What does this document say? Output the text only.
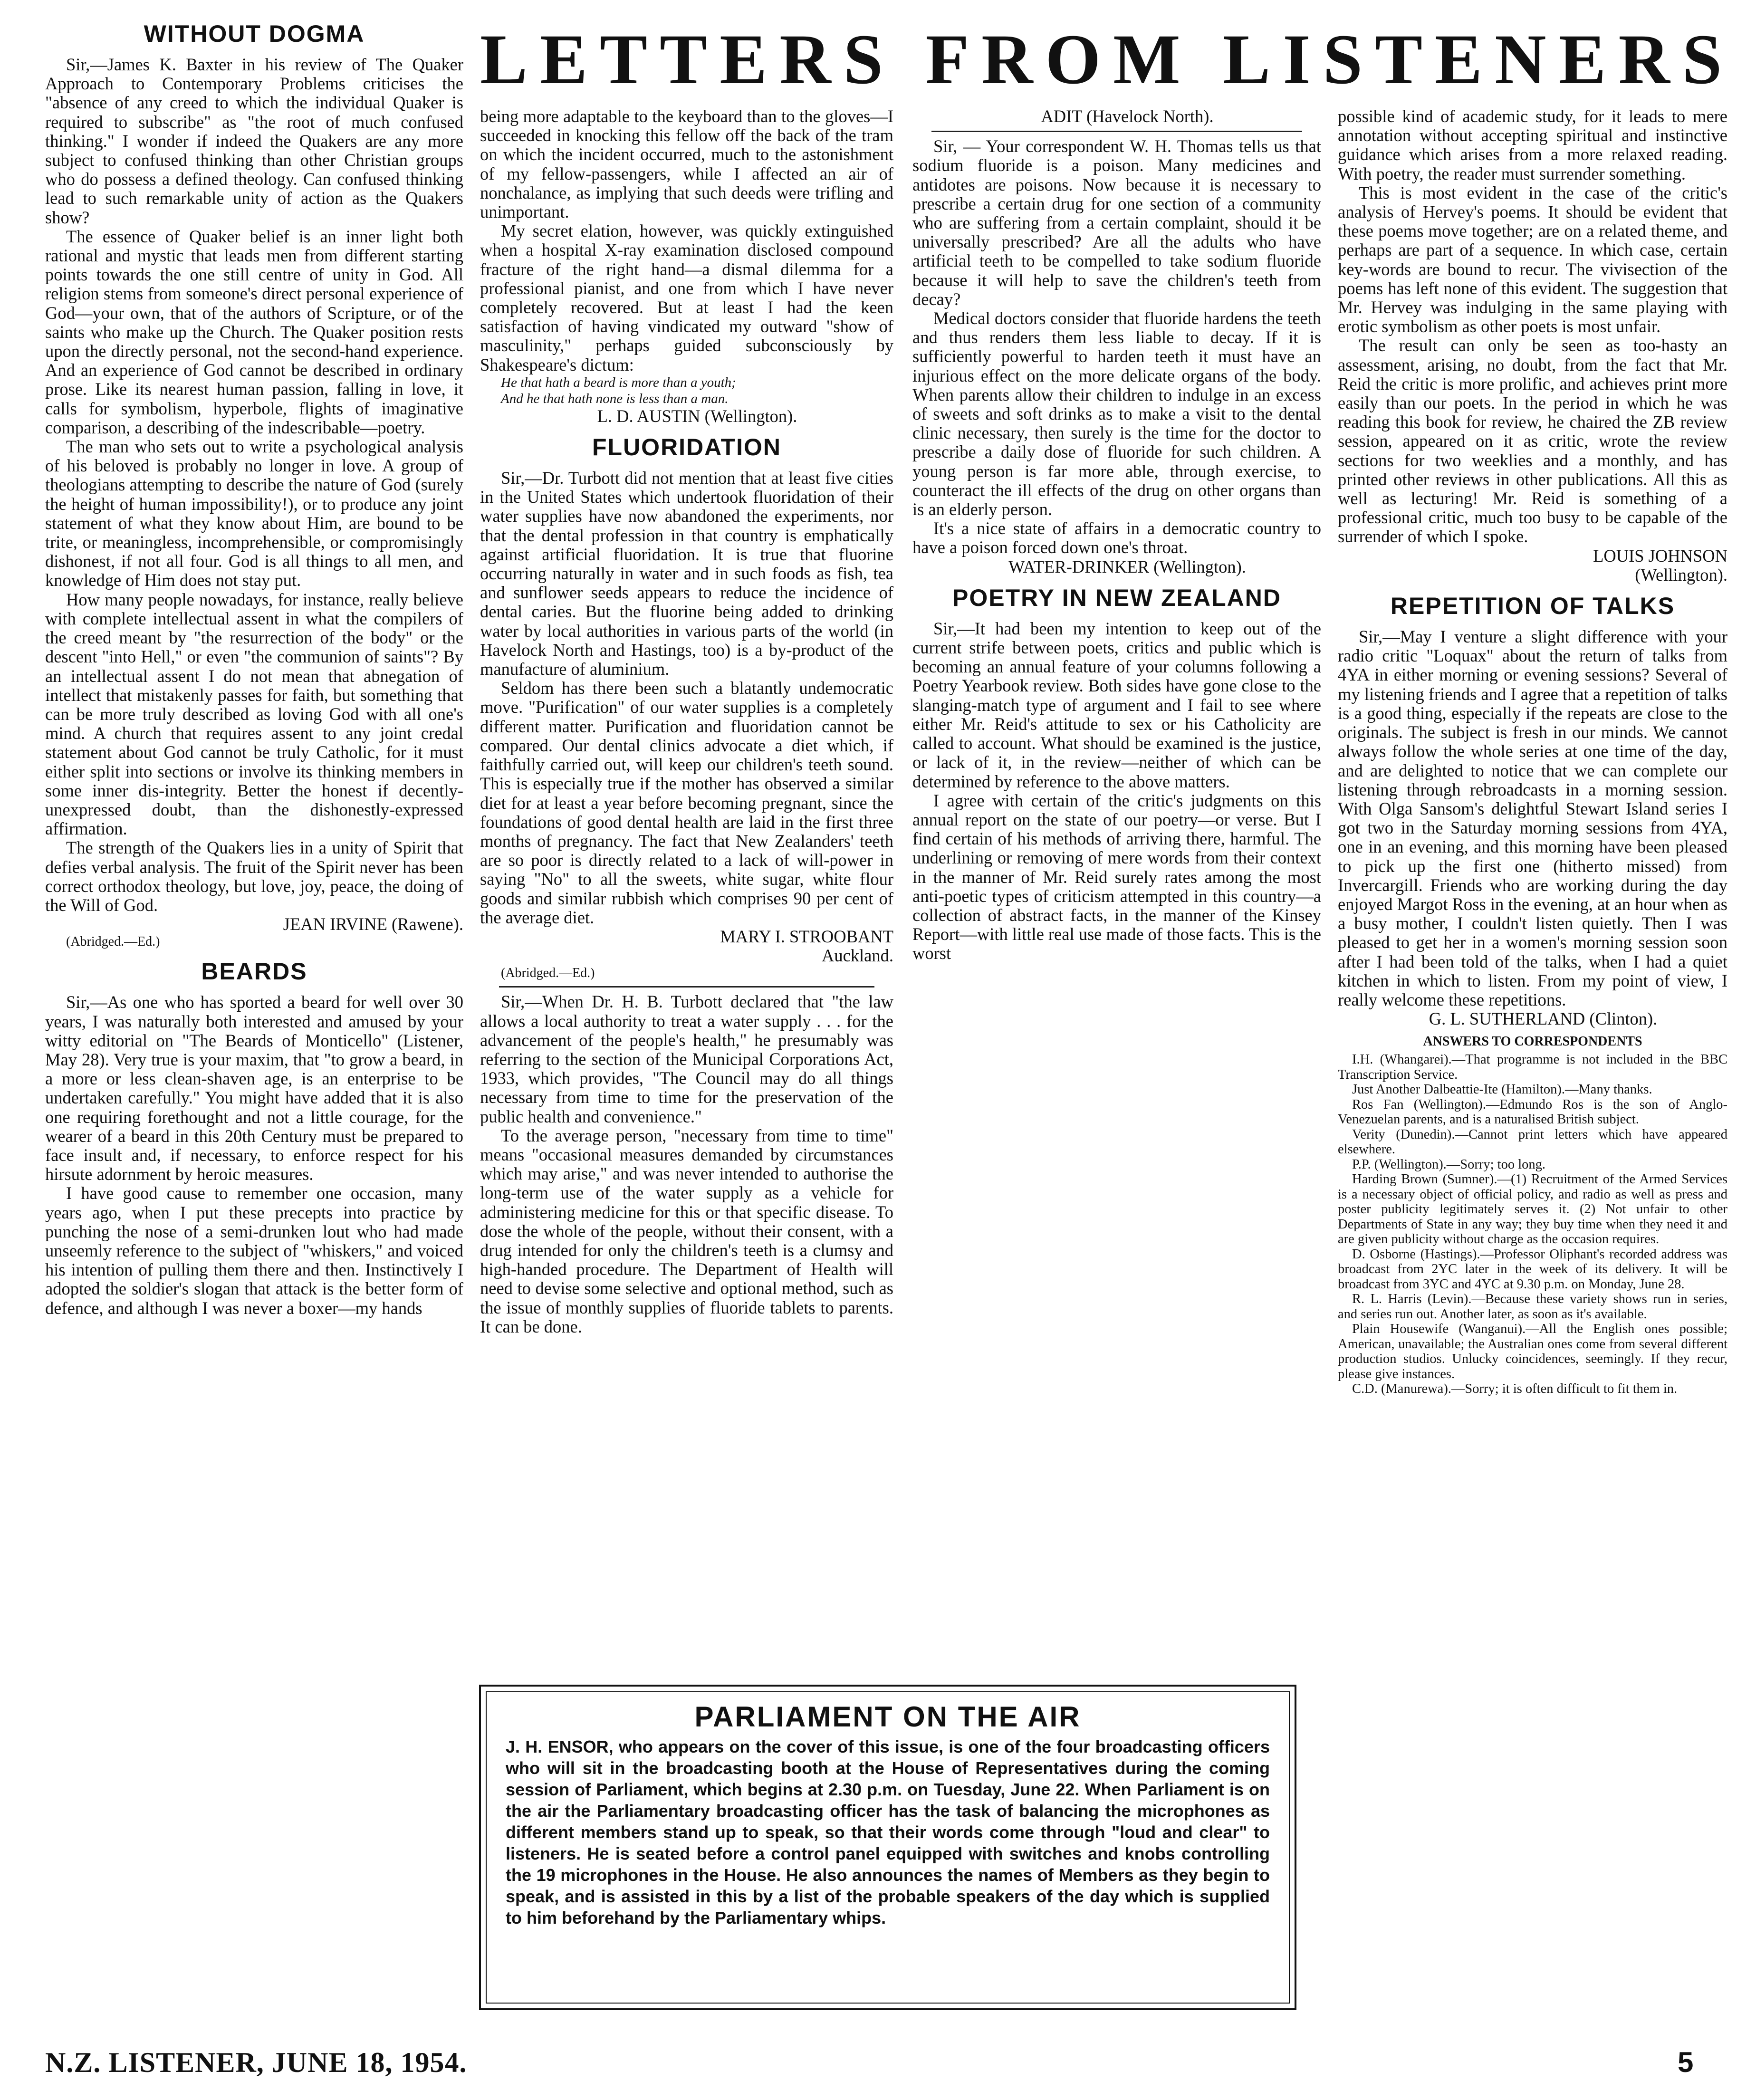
LETTERS FROM LISTENERS
WITHOUT DOGMA

Sir,—James K. Baxter in his review of The Quaker Approach to Contemporary Problems criticises the "absence of any creed to which the individual Quaker is required to subscribe" as "the root of much confused thinking." I wonder if indeed the Quakers are any more subject to confused thinking than other Christian groups who do possess a defined theology. Can confused thinking lead to such remarkable unity of action as the Quakers show?

The essence of Quaker belief is an inner light both rational and mystic that leads men from different starting points towards the one still centre of unity in God. All religion stems from someone's direct personal experience of God—your own, that of the authors of Scripture, or of the saints who make up the Church. The Quaker position rests upon the directly personal, not the second-hand experience. And an experience of God cannot be described in ordinary prose. Like its nearest human passion, falling in love, it calls for symbolism, hyperbole, flights of imaginative comparison, a describing of the indescribable—poetry.

The man who sets out to write a psychological analysis of his beloved is probably no longer in love. A group of theologians attempting to describe the nature of God (surely the height of human impossibility!), or to produce any joint statement of what they know about Him, are bound to be trite, or meaningless, incomprehensible, or compromisingly dishonest, if not all four. God is all things to all men, and knowledge of Him does not stay put.

How many people nowadays, for instance, really believe with complete intellectual assent in what the compilers of the creed meant by "the resurrection of the body" or the descent "into Hell," or even "the communion of saints"? By an intellectual assent I do not mean that abnegation of intellect that mistakenly passes for faith, but something that can be more truly described as loving God with all one's mind. A church that requires assent to any joint credal statement about God cannot be truly Catholic, for it must either split into sections or involve its thinking members in some inner dis-integrity. Better the honest if decently-unexpressed doubt, than the dishonestly-expressed affirmation.

The strength of the Quakers lies in a unity of Spirit that defies verbal analysis. The fruit of the Spirit never has been correct orthodox theology, but love, joy, peace, the doing of the Will of God.

JEAN IRVINE (Rawene).

(Abridged.—Ed.)

BEARDS

Sir,—As one who has sported a beard for well over 30 years, I was naturally both interested and amused by your witty editorial on "The Beards of Monticello" (Listener, May 28). Very true is your maxim, that "to grow a beard, in a more or less clean-shaven age, is an enterprise to be undertaken carefully." You might have added that it is also one requiring forethought and not a little courage, for the wearer of a beard in this 20th Century must be prepared to face insult and, if necessary, to enforce respect for his hirsute adornment by heroic measures.

I have good cause to remember one occasion, many years ago, when I put these precepts into practice by punching the nose of a semi-drunken lout who had made unseemly reference to the subject of "whiskers," and voiced his intention of pulling them there and then. Instinctively I adopted the soldier's slogan that attack is the better form of defence, and although I was never a boxer—my hands

being more adaptable to the keyboard than to the gloves—I succeeded in knocking this fellow off the back of the tram on which the incident occurred, much to the astonishment of my fellow-passengers, while I affected an air of nonchalance, as implying that such deeds were trifling and unimportant.

My secret elation, however, was quickly extinguished when a hospital X-ray examination disclosed compound fracture of the right hand—a dismal dilemma for a professional pianist, and one from which I have never completely recovered. But at least I had the keen satisfaction of having vindicated my outward "show of masculinity," perhaps guided subconsciously by Shakespeare's dictum:

He that hath a beard is more than a youth;

And he that hath none is less than a man.

L. D. AUSTIN (Wellington).

FLUORIDATION

Sir,—Dr. Turbott did not mention that at least five cities in the United States which undertook fluoridation of their water supplies have now abandoned the experiments, nor that the dental profession in that country is emphatically against artificial fluoridation. It is true that fluorine occurring naturally in water and in such foods as fish, tea and sunflower seeds appears to reduce the incidence of dental caries. But the fluorine being added to drinking water by local authorities in various parts of the world (in Havelock North and Hastings, too) is a by-product of the manufacture of aluminium.

Seldom has there been such a blatantly undemocratic move. "Purification" of our water supplies is a completely different matter. Purification and fluoridation cannot be compared. Our dental clinics advocate a diet which, if faithfully carried out, will keep our children's teeth sound. This is especially true if the mother has observed a similar diet for at least a year before becoming pregnant, since the foundations of good dental health are laid in the first three months of pregnancy. The fact that New Zealanders' teeth are so poor is directly related to a lack of will-power in saying "No" to all the sweets, white sugar, white flour goods and similar rubbish which comprises 90 per cent of the average diet.

MARY I. STROOBANT

Auckland.

(Abridged.—Ed.)

Sir,—When Dr. H. B. Turbott declared that "the law allows a local authority to treat a water supply . . . for the advancement of the people's health," he presumably was referring to the section of the Municipal Corporations Act, 1933, which provides, "The Council may do all things necessary from time to time for the preservation of the public health and convenience."

To the average person, "necessary from time to time" means "occasional measures demanded by circumstances which may arise," and was never intended to authorise the long-term use of the water supply as a vehicle for administering medicine for this or that specific disease. To dose the whole of the people, without their consent, with a drug intended for only the children's teeth is a clumsy and high-handed procedure. The Department of Health will need to devise some selective and optional method, such as the issue of monthly supplies of fluoride tablets to parents. It can be done.

ADIT (Havelock North).

Sir, — Your correspondent W. H. Thomas tells us that sodium fluoride is a poison. Many medicines and antidotes are poisons. Now because it is necessary to prescribe a certain drug for one section of a community who are suffering from a certain complaint, should it be universally prescribed? Are all the adults who have artificial teeth to be compelled to take sodium fluoride because it will help to save the children's teeth from decay?

Medical doctors consider that fluoride hardens the teeth and thus renders them less liable to decay. If it is sufficiently powerful to harden teeth it must have an injurious effect on the more delicate organs of the body. When parents allow their children to indulge in an excess of sweets and soft drinks as to make a visit to the dental clinic necessary, then surely is the time for the doctor to prescribe a daily dose of fluoride for such children. A young person is far more able, through exercise, to counteract the ill effects of the drug on other organs than is an elderly person.

It's a nice state of affairs in a democratic country to have a poison forced down one's throat.

WATER-DRINKER (Wellington).

POETRY IN NEW ZEALAND

Sir,—It had been my intention to keep out of the current strife between poets, critics and public which is becoming an annual feature of your columns following a Poetry Yearbook review. Both sides have gone close to the slanging-match type of argument and I fail to see where either Mr. Reid's attitude to sex or his Catholicity are called to account. What should be examined is the justice, or lack of it, in the review—neither of which can be determined by reference to the above matters.

I agree with certain of the critic's judgments on this annual report on the state of our poetry—or verse. But I find certain of his methods of arriving there, harmful. The underlining or removing of mere words from their context in the manner of Mr. Reid surely rates among the most anti-poetic types of criticism attempted in this country—a collection of abstract facts, in the manner of the Kinsey Report—with little real use made of those facts. This is the worst

possible kind of academic study, for it leads to mere annotation without accepting spiritual and instinctive guidance which arises from a more relaxed reading. With poetry, the reader must surrender something.

This is most evident in the case of the critic's analysis of Hervey's poems. It should be evident that these poems move together; are on a related theme, and perhaps are part of a sequence. In which case, certain key-words are bound to recur. The vivisection of the poems has left none of this evident. The suggestion that Mr. Hervey was indulging in the same playing with erotic symbolism as other poets is most unfair.

The result can only be seen as too-hasty an assessment, arising, no doubt, from the fact that Mr. Reid the critic is more prolific, and achieves print more easily than our poets. In the period in which he was reading this book for review, he chaired the ZB review session, appeared on it as critic, wrote the review sections for two weeklies and a monthly, and has printed other reviews in other publications. All this as well as lecturing! Mr. Reid is something of a professional critic, much too busy to be capable of the surrender of which I spoke.

LOUIS JOHNSON

(Wellington).

REPETITION OF TALKS

Sir,—May I venture a slight difference with your radio critic "Loquax" about the return of talks from 4YA in either morning or evening sessions? Several of my listening friends and I agree that a repetition of talks is a good thing, especially if the repeats are close to the originals. The subject is fresh in our minds. We cannot always follow the whole series at one time of the day, and are delighted to notice that we can complete our listening through rebroadcasts in a morning session. With Olga Sansom's delightful Stewart Island series I got two in the Saturday morning sessions from 4YA, one in an evening, and this morning have been pleased to pick up the first one (hitherto missed) from Invercargill. Friends who are working during the day enjoyed Margot Ross in the evening, at an hour when as a busy mother, I couldn't listen quietly. Then I was pleased to get her in a women's morning session soon after I had been told of the talks, when I had a quiet kitchen in which to listen. From my point of view, I really welcome these repetitions.

G. L. SUTHERLAND (Clinton).

ANSWERS TO CORRESPONDENTS

I.H. (Whangarei).—That programme is not included in the BBC Transcription Service.

Just Another Dalbeattie-Ite (Hamilton).—Many thanks.

Ros Fan (Wellington).—Edmundo Ros is the son of Anglo-Venezuelan parents, and is a naturalised British subject.

Verity (Dunedin).—Cannot print letters which have appeared elsewhere.

P.P. (Wellington).—Sorry; too long.

Harding Brown (Sumner).—(1) Recruitment of the Armed Services is a necessary object of official policy, and radio as well as press and poster publicity legitimately serves it. (2) Not unfair to other Departments of State in any way; they buy time when they need it and are given publicity without charge as the occasion requires.

D. Osborne (Hastings).—Professor Oliphant's recorded address was broadcast from 2YC later in the week of its delivery. It will be broadcast from 3YC and 4YC at 9.30 p.m. on Monday, June 28.

R. L. Harris (Levin).—Because these variety shows run in series, and series run out. Another later, as soon as it's available.

Plain Housewife (Wanganui).—All the English ones possible; American, unavailable; the Australian ones come from several different production studios. Unlucky coincidences, seemingly. If they recur, please give instances.

C.D. (Manurewa).—Sorry; it is often difficult to fit them in.

PARLIAMENT ON THE AIR
J. H. ENSOR, who appears on the cover of this issue, is one of the four broadcasting officers who will sit in the broadcasting booth at the House of Representatives during the coming session of Parliament, which begins at 2.30 p.m. on Tuesday, June 22. When Parliament is on the air the Parliamentary broadcasting officer has the task of balancing the microphones as different members stand up to speak, so that their words come through "loud and clear" to listeners. He is seated before a control panel equipped with switches and knobs controlling the 19 microphones in the House. He also announces the names of Members as they begin to speak, and is assisted in this by a list of the probable speakers of the day which is supplied to him beforehand by the Parliamentary whips.
N.Z. LISTENER, JUNE 18, 1954.	5
